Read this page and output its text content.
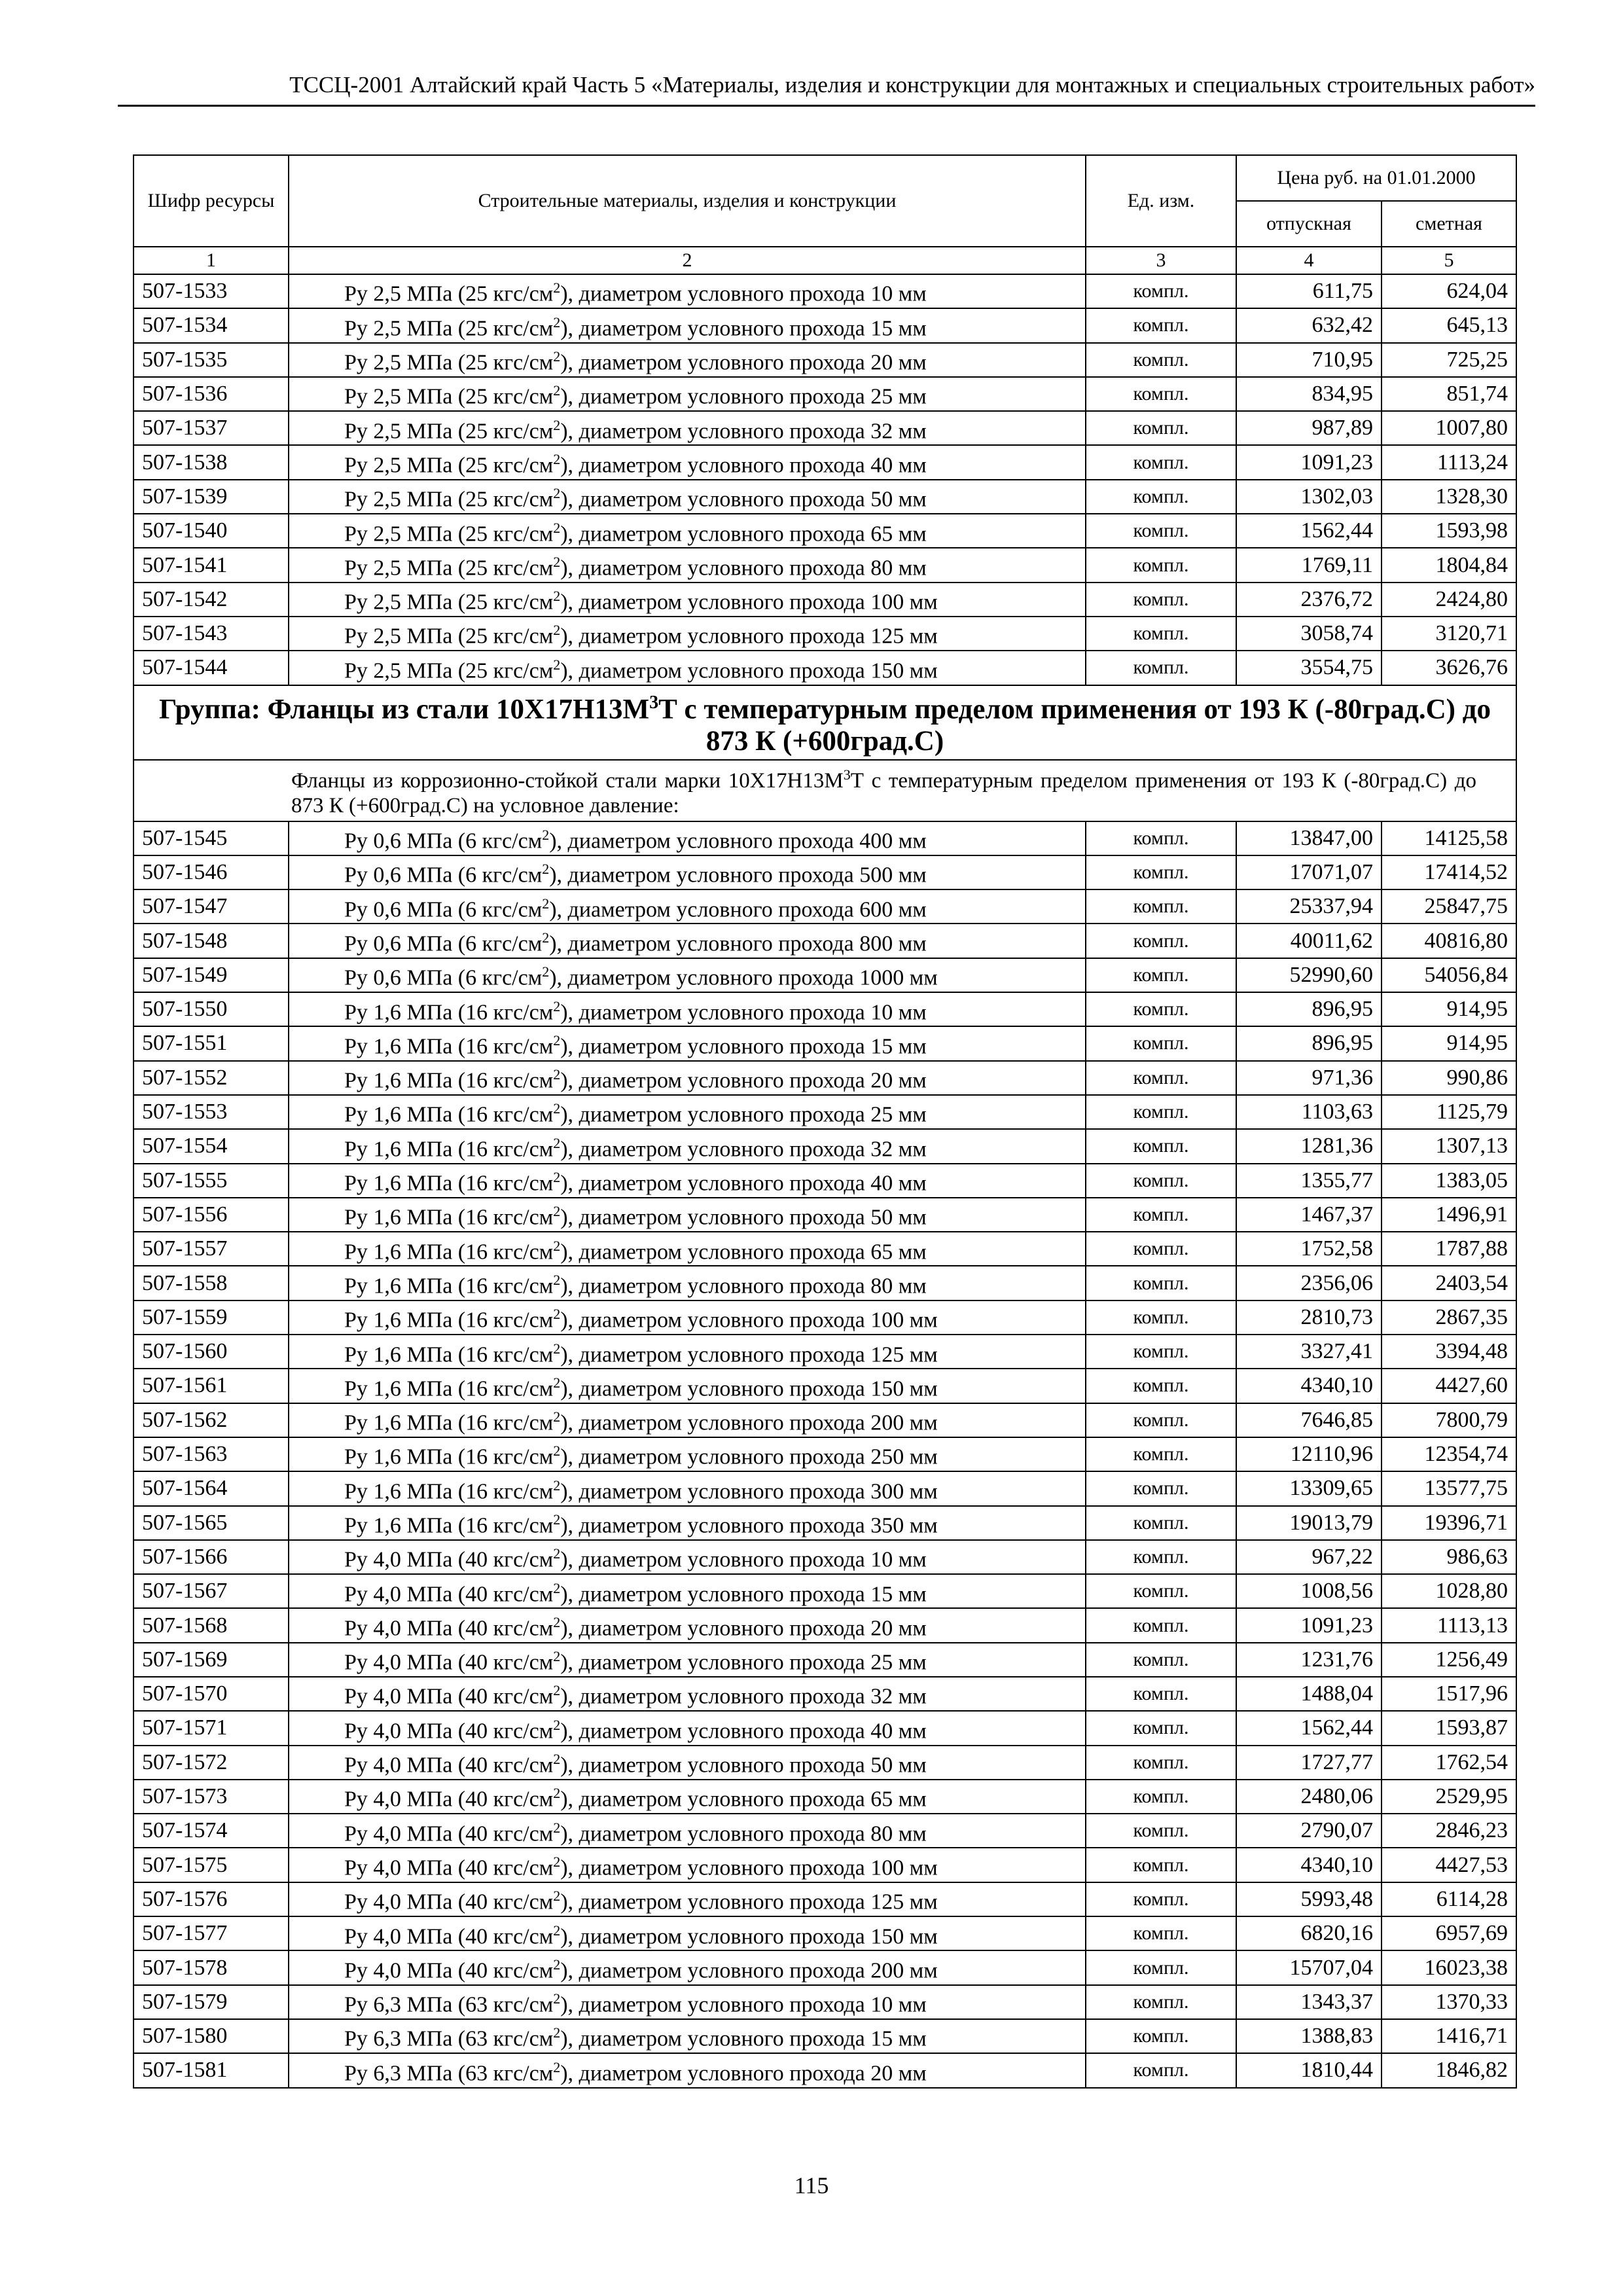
ТССЦ-2001 Алтайский край Часть 5 «Материалы, изделия и конструкции для монтажных и специальных строительных работ»
Шифр ресурсы	Строительные материалы, изделия и конструкции	Ед. изм.	Цена руб. на 01.01.2000	
			отпускная	сметная
1	2	3	4	5
507-1533	Ру 2,5 МПа (25 кгс/$см^2$), диаметром условного прохода 10 мм	компл.	611,75	624,04
507-1534	Ру 2,5 МПа (25 кгс/$см^2$), диаметром условного прохода 15 мм	компл.	632,42	645,13
507-1535	Ру 2,5 МПа (25 кгс/$см^2$), диаметром условного прохода 20 мм	компл.	710,95	725,25
507-1536	Ру 2,5 МПа (25 кгс/$см^2$), диаметром условного прохода 25 мм	компл.	834,95	851,74
507-1537	Ру 2,5 МПа (25 кгс/$см^2$), диаметром условного прохода 32 мм	компл.	987,89	1007,80
507-1538	Ру 2,5 МПа (25 кгс/$см^2$), диаметром условного прохода 40 мм	компл.	1091,23	1113,24
507-1539	Ру 2,5 МПа (25 кгс/$см^2$), диаметром условного прохода 50 мм	компл.	1302,03	1328,30
507-1540	Ру 2,5 МПа (25 кгс/$см^2$), диаметром условного прохода 65 мм	компл.	1562,44	1593,98
507-1541	Ру 2,5 МПа (25 кгс/$см^2$), диаметром условного прохода 80 мм	компл.	1769,11	1804,84
507-1542	Ру 2,5 МПа (25 кгс/$см^2$), диаметром условного прохода 100 мм	компл.	2376,72	2424,80
507-1543	Ру 2,5 МПа (25 кгс/$см^2$), диаметром условного прохода 125 мм	компл.	3058,74	3120,71
507-1544	Ру 2,5 МПа (25 кгс/$см^2$), диаметром условного прохода 150 мм	компл.	3554,75	3626,76
Группа: Фланцы из стали $10Х17Н13М^3Т$ с температурным пределом применения от 193 К (-80град.С) до 873 К (+600град.С)				
Фланцы из коррозионно-стойкой стали марки $10Х17Н13М^3Т$ с температурным пределом применения от 193 К (-80град.С) до 873 К (+600град.С) на условное давление:				
507-1545	Ру 0,6 МПа (6 кгс/$см^2$), диаметром условного прохода 400 мм	компл.	13847,00	14125,58
507-1546	Ру 0,6 МПа (6 кгс/$см^2$), диаметром условного прохода 500 мм	компл.	17071,07	17414,52
507-1547	Ру 0,6 МПа (6 кгс/$см^2$), диаметром условного прохода 600 мм	компл.	25337,94	25847,75
507-1548	Ру 0,6 МПа (6 кгс/$см^2$), диаметром условного прохода 800 мм	компл.	40011,62	40816,80
507-1549	Ру 0,6 МПа (6 кгс/$см^2$), диаметром условного прохода 1000 мм	компл.	52990,60	54056,84
507-1550	Ру 1,6 МПа (16 кгс/$см^2$), диаметром условного прохода 10 мм	компл.	896,95	914,95
507-1551	Ру 1,6 МПа (16 кгс/$см^2$), диаметром условного прохода 15 мм	компл.	896,95	914,95
507-1552	Ру 1,6 МПа (16 кгс/$см^2$), диаметром условного прохода 20 мм	компл.	971,36	990,86
507-1553	Ру 1,6 МПа (16 кгс/$см^2$), диаметром условного прохода 25 мм	компл.	1103,63	1125,79
507-1554	Ру 1,6 МПа (16 кгс/$см^2$), диаметром условного прохода 32 мм	компл.	1281,36	1307,13
507-1555	Ру 1,6 МПа (16 кгс/$см^2$), диаметром условного прохода 40 мм	компл.	1355,77	1383,05
507-1556	Ру 1,6 МПа (16 кгс/$см^2$), диаметром условного прохода 50 мм	компл.	1467,37	1496,91
507-1557	Ру 1,6 МПа (16 кгс/$см^2$), диаметром условного прохода 65 мм	компл.	1752,58	1787,88
507-1558	Ру 1,6 МПа (16 кгс/$см^2$), диаметром условного прохода 80 мм	компл.	2356,06	2403,54
507-1559	Ру 1,6 МПа (16 кгс/$см^2$), диаметром условного прохода 100 мм	компл.	2810,73	2867,35
507-1560	Ру 1,6 МПа (16 кгс/$см^2$), диаметром условного прохода 125 мм	компл.	3327,41	3394,48
507-1561	Ру 1,6 МПа (16 кгс/$см^2$), диаметром условного прохода 150 мм	компл.	4340,10	4427,60
507-1562	Ру 1,6 МПа (16 кгс/$см^2$), диаметром условного прохода 200 мм	компл.	7646,85	7800,79
507-1563	Ру 1,6 МПа (16 кгс/$см^2$), диаметром условного прохода 250 мм	компл.	12110,96	12354,74
507-1564	Ру 1,6 МПа (16 кгс/$см^2$), диаметром условного прохода 300 мм	компл.	13309,65	13577,75
507-1565	Ру 1,6 МПа (16 кгс/$см^2$), диаметром условного прохода 350 мм	компл.	19013,79	19396,71
507-1566	Ру 4,0 МПа (40 кгс/$см^2$), диаметром условного прохода 10 мм	компл.	967,22	986,63
507-1567	Ру 4,0 МПа (40 кгс/$см^2$), диаметром условного прохода 15 мм	компл.	1008,56	1028,80
507-1568	Ру 4,0 МПа (40 кгс/$см^2$), диаметром условного прохода 20 мм	компл.	1091,23	1113,13
507-1569	Ру 4,0 МПа (40 кгс/$см^2$), диаметром условного прохода 25 мм	компл.	1231,76	1256,49
507-1570	Ру 4,0 МПа (40 кгс/$см^2$), диаметром условного прохода 32 мм	компл.	1488,04	1517,96
507-1571	Ру 4,0 МПа (40 кгс/$см^2$), диаметром условного прохода 40 мм	компл.	1562,44	1593,87
507-1572	Ру 4,0 МПа (40 кгс/$см^2$), диаметром условного прохода 50 мм	компл.	1727,77	1762,54
507-1573	Ру 4,0 МПа (40 кгс/$см^2$), диаметром условного прохода 65 мм	компл.	2480,06	2529,95
507-1574	Ру 4,0 МПа (40 кгс/$см^2$), диаметром условного прохода 80 мм	компл.	2790,07	2846,23
507-1575	Ру 4,0 МПа (40 кгс/$см^2$), диаметром условного прохода 100 мм	компл.	4340,10	4427,53
507-1576	Ру 4,0 МПа (40 кгс/$см^2$), диаметром условного прохода 125 мм	компл.	5993,48	6114,28
507-1577	Ру 4,0 МПа (40 кгс/$см^2$), диаметром условного прохода 150 мм	компл.	6820,16	6957,69
507-1578	Ру 4,0 МПа (40 кгс/$см^2$), диаметром условного прохода 200 мм	компл.	15707,04	16023,38
507-1579	Ру 6,3 МПа (63 кгс/$см^2$), диаметром условного прохода 10 мм	компл.	1343,37	1370,33
507-1580	Ру 6,3 МПа (63 кгс/$см^2$), диаметром условного прохода 15 мм	компл.	1388,83	1416,71
507-1581	Ру 6,3 МПа (63 кгс/$см^2$), диаметром условного прохода 20 мм	компл.	1810,44	1846,82
115
